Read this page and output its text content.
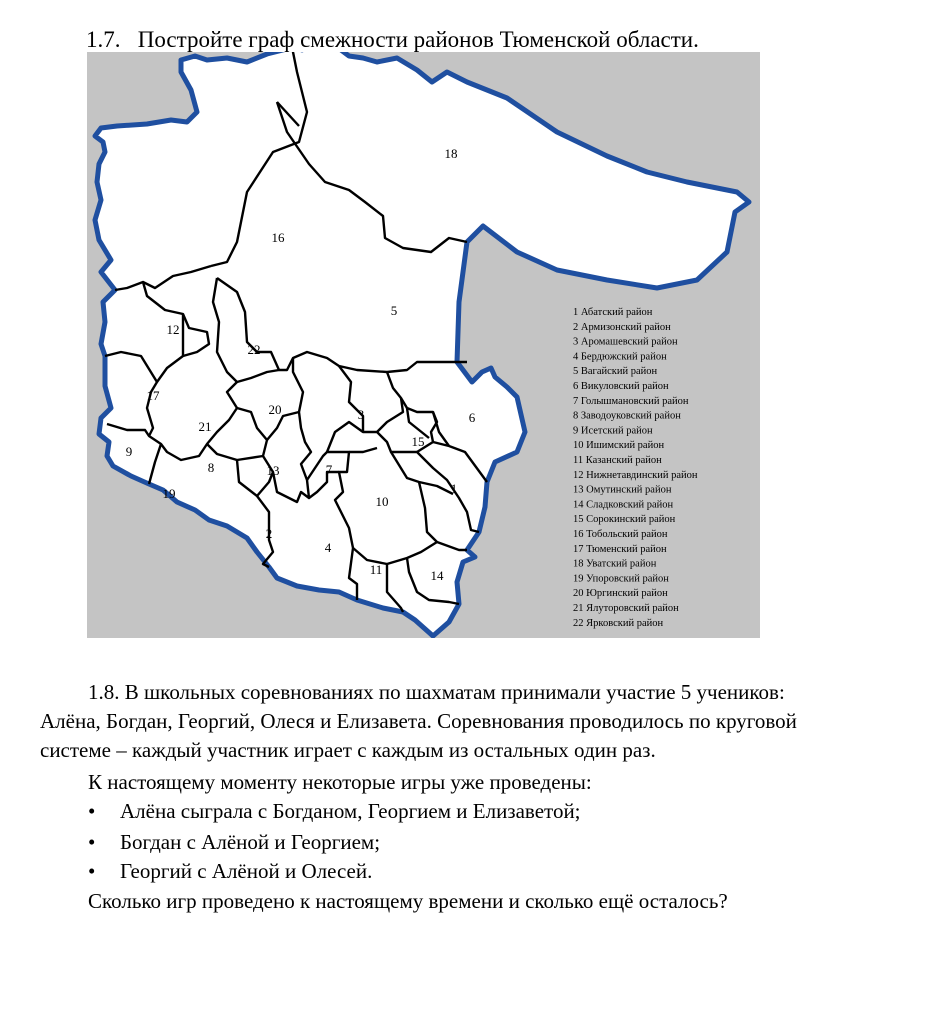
1.7. Постройте граф смежности районов Тюменской области.
1
2
3
4
5
6
7
8
9
10
11
12
13
14
15
16
17
18
19
20
21
22
1 Абатский район
2 Армизонский район
3 Аромашевский район
4 Бердюжский район
5 Вагайский район
6 Викуловский район
7 Голышмановский район
8 Заводоуковский район
9 Исетский район
10 Ишимский район
11 Казанский район
12 Нижнетавдинский район
13 Омутинский район
14 Сладковский район
15 Сорокинский район
16 Тобольский район
17 Тюменский район
18 Уватский район
19 Упоровский район
20 Юргинский район
21 Ялуторовский район
22 Ярковский район
1.8. В школьных соревнованиях по шахматам принимали участие 5 учеников:
Алёна, Богдан, Георгий, Олеся и Елизавета. Соревнования проводилось по круговой
системе – каждый участник играет с каждым из остальных один раз.
К настоящему моменту некоторые игры уже проведены:
• Алёна сыграла с Богданом, Георгием и Елизаветой;
• Богдан с Алёной и Георгием;
• Георгий с Алёной и Олесей.
Сколько игр проведено к настоящему времени и сколько ещё осталось?
